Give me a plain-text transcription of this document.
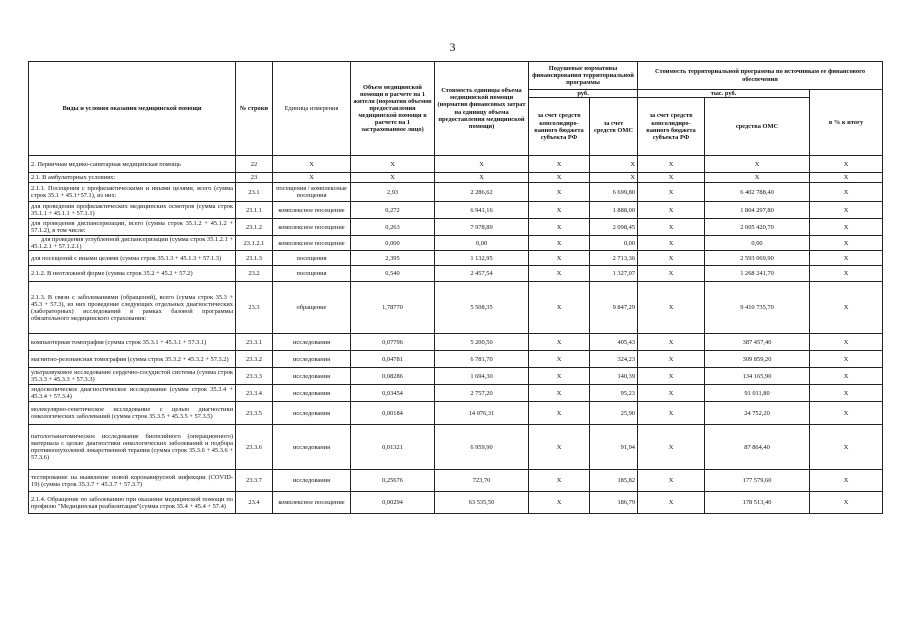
3
Виды и условия оказания медицинской помощи	№ строки	Единица измерения	Объем медицинской помощи в расчете на 1 жителя (норматив объемов предоставления медицинской помощи в расчете на 1 застрахованное лицо)	Стоимость единицы объема медицинской помощи (норматив финансовых затрат на единицу объема предоставления медицинской помощи)	Подушевые нормативы финансирования территориальной программы		Стоимость территориальной программы по источникам ее финансового обеспечения		
					руб.		тыс. руб.		в % к итогу
					за счет средств консолидиро-ванного бюджета субъекта РФ	за счет средств ОМС	за счет средств консолидиро-ванного бюджета субъекта РФ	средства ОМС	
2. Первичная медико-санитарная медицинская помощь	22	X	X	X	X	X	X	X	X
2.1. В амбулаторных условиях:	23	X	X	X	X	X	X	X	X
2.1.1. Посещения с профилактическими и иными целями, всего (сумма строк 35.1 + 45.1+57.1), из них:	23.1	посещения / комплексные посещения	2,93	2 286,62	X	6 699,80	X	6 402 788,40	X
для проведения профилактических медицинских осмотров (сумма строк 35.1.1 + 45.1.1 + 57.1.1)	23.1.1	комплексное посещение	0,272	6 941,16	X	1 888,00	X	1 804 297,80	X
для проведения диспансеризации, всего (сумма строк 35.1.2 + 45.1.2 + 57.1.2), в том числе:	23.1.2	комплексное посещение	0,263	7 978,89	X	2 098,45	X	2 005 420,70	X
для проведения углубленной диспансеризации (сумма строк 35.1.2.1 + 45.1.2.1 + 57.1.2.1)	23.1.2.1	комплексное посещение	0,000	0,00	X	0,00	X	0,00	X
для посещений с иными целями (сумма строк 35.1.3 + 45.1.3 + 57.1.3)	23.1.3	посещения	2,395	1 132,95	X	2 713,36	X	2 593 069,90	X
2.1.2. В неотложной форме (сумма строк 35.2 + 45.2 + 57.2)	23.2	посещения	0,540	2 457,54	X	1 327,07	X	1 268 241,70	X
2.1.3. В связи с заболеваниями (обращений), всего (сумма строк 35.3 + 45.3 + 57.3), из них проведение следующих отдельных диагностических (лабораторных) исследований в рамках базовой программы обязательного медицинского страхования:	23.3	обращение	1,78770	5 508,35	X	9 847,29	X	9 410 735,70	X
компьютерная томография (сумма строк 35.3.1 + 45.3.1 + 57.3.1)	23.3.1	исследования	0,07796	5 200,50	X	405,43	X	387 457,40	X
магнитно-резонансная томография (сумма строк 35.3.2 + 45.3.2 + 57.3.2)	23.3.2	исследования	0,04781	6 781,70	X	324,23	X	309 859,20	X
ультразвуковое исследование сердечно-сосудистой системы (сумма строк 35.3.3 + 45.3.3 + 57.3.3)	23.3.3	исследования	0,08286	1 694,30	X	140,39	X	134 165,90	X
эндоскопическое диагностическое исследование (сумма строк 35.3.4 + 45.3.4 + 57.3.4)	23.3.4	исследования	0,03454	2 757,20	X	95,23	X	91 011,80	X
молекулярно-генетическое исследование с целью диагностики онкологических заболеваний (сумма строк 35.3.5 + 45.3.5 + 57.3.5)	23.3.5	исследования	0,00184	14 076,31	X	25,90	X	24 752,20	X
патологоанатомическое исследование биопсийного (операционного) материала с целью диагностики онкологических заболеваний и подбора противоопухолевой лекарственной терапии (сумма строк 35.3.6 + 45.3.6 + 57.3.6)	23.3.6	исследования	0,01321	6 959,90	X	91,94	X	87 864,40	X
тестирование на выявление новой коронавирусной инфекции (COVID-19) (сумма строк 35.3.7 + 45.3.7 + 57.3.7)	23.3.7	исследования	0,25676	723,70	X	185,82	X	177 579,60	X
2.1.4. Обращение по заболеванию при оказании медицинской помощи по профилю "Медицинская реабилитация"(сумма строк 35.4 + 45.4 + 57.4)	23.4	комплексное посещение	0,00294	63 535,50	X	186,79	X	178 513,40	X
